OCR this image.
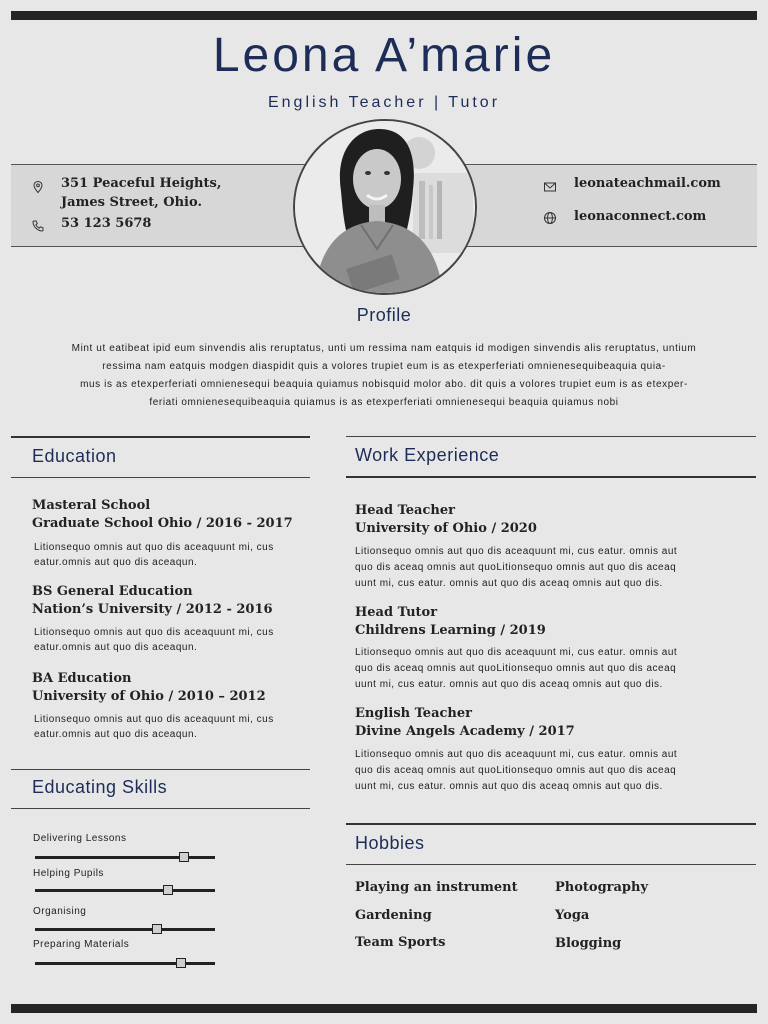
Leona A’marie
English Teacher | Tutor
351 Peaceful Heights,
James Street, Ohio.
53 123 5678
leonateachmail.com
leonaconnect.com
Profile
Mint ut eatibeat ipid eum sinvendis alis reruptatus, unti um ressima nam eatquis id modigen sinvendis alis reruptatus, untium
ressima nam eatquis modgen diaspidit quis a volores trupiet eum is as etexperferiati omnienesequibeaquia quia-
mus is as etexperferiati omnienesequi beaquia quiamus nobisquid molor abo. dit quis a volores trupiet eum is as etexper-
feriati omnienesequibeaquia quiamus is as etexperferiati omnienesequi beaquia quiamus nobi
Education
Masteral School
Graduate School Ohio / 2016 - 2017
Litionsequo omnis aut quo dis aceaquunt mi, cus
eatur.omnis aut quo dis aceaqun.
BS General Education
Nation’s University / 2012 - 2016
Litionsequo omnis aut quo dis aceaquunt mi, cus
eatur.omnis aut quo dis aceaqun.
BA Education
University of Ohio / 2010 – 2012
Litionsequo omnis aut quo dis aceaquunt mi, cus
eatur.omnis aut quo dis aceaqun.
Educating Skills
Delivering Lessons
Helping Pupils
Organising
Preparing Materials
Work Experience
Head Teacher
University of Ohio / 2020
Litionsequo omnis aut quo dis aceaquunt mi, cus eatur. omnis aut
quo dis aceaq omnis aut quoLitionsequo omnis aut quo dis aceaq
uunt mi, cus eatur. omnis aut quo dis aceaq omnis aut quo dis.
Head Tutor
Childrens Learning / 2019
Litionsequo omnis aut quo dis aceaquunt mi, cus eatur. omnis aut
quo dis aceaq omnis aut quoLitionsequo omnis aut quo dis aceaq
uunt mi, cus eatur. omnis aut quo dis aceaq omnis aut quo dis.
English Teacher
Divine Angels Academy / 2017
Litionsequo omnis aut quo dis aceaquunt mi, cus eatur. omnis aut
quo dis aceaq omnis aut quoLitionsequo omnis aut quo dis aceaq
uunt mi, cus eatur. omnis aut quo dis aceaq omnis aut quo dis.
Hobbies
Playing an instrument	Photography
Gardening	Yoga
Team Sports	Blogging
